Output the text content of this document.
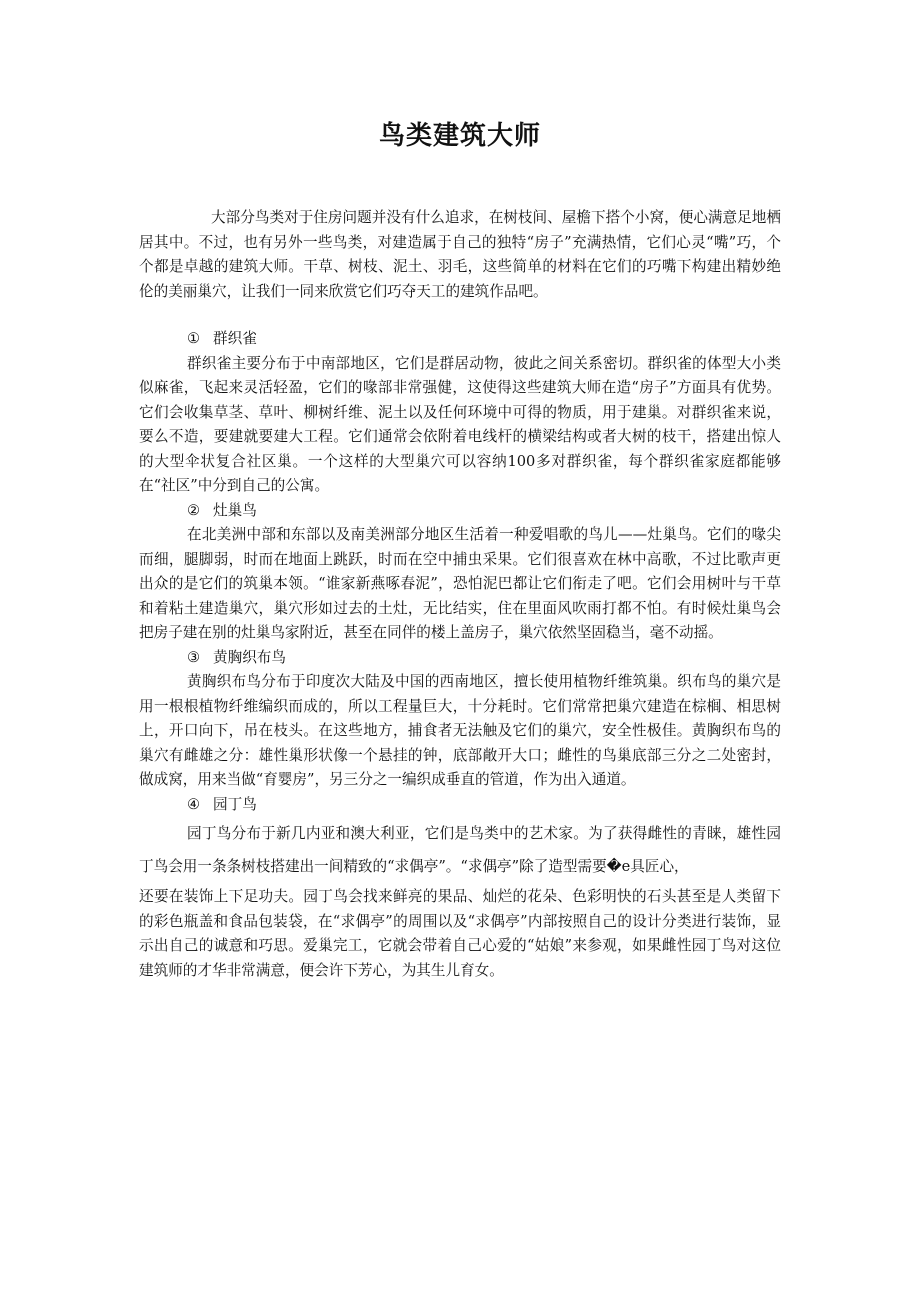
鸟类建筑大师

大部分鸟类对于住房问题并没有什么追求，在树枝间、屋檐下搭个小窝，便心满意足地栖居其中。不过，也有另外一些鸟类，对建造属于自己的独特“房子”充满热情，它们心灵“嘴”巧，个个都是卓越的建筑大师。干草、树枝、泥土、羽毛，这些简单的材料在它们的巧嘴下构建出精妙绝伦的美丽巢穴，让我们一同来欣赏它们巧夺天工的建筑作品吧。

① 群织雀

群织雀主要分布于中南部地区，它们是群居动物，彼此之间关系密切。群织雀的体型大小类似麻雀，飞起来灵活轻盈，它们的喙部非常强健，这使得这些建筑大师在造“房子”方面具有优势。它们会收集草茎、草叶、柳树纤维、泥土以及任何环境中可得的物质，用于建巢。对群织雀来说，要么不造，要建就要建大工程。它们通常会依附着电线杆的横梁结构或者大树的枝干，搭建出惊人的大型伞状复合社区巢。一个这样的大型巢穴可以容纳100多对群织雀，每个群织雀家庭都能够在“社区”中分到自己的公寓。

② 灶巢鸟

在北美洲中部和东部以及南美洲部分地区生活着一种爱唱歌的鸟儿——灶巢鸟。它们的喙尖而细，腿脚弱，时而在地面上跳跃，时而在空中捕虫采果。它们很喜欢在林中高歌，不过比歌声更出众的是它们的筑巢本领。“谁家新燕啄春泥”，恐怕泥巴都让它们衔走了吧。它们会用树叶与干草和着粘土建造巢穴，巢穴形如过去的土灶，无比结实，住在里面风吹雨打都不怕。有时候灶巢鸟会把房子建在别的灶巢鸟家附近，甚至在同伴的楼上盖房子，巢穴依然坚固稳当，毫不动摇。

③ 黄胸织布鸟

黄胸织布鸟分布于印度次大陆及中国的西南地区，擅长使用植物纤维筑巢。织布鸟的巢穴是用一根根植物纤维编织而成的，所以工程量巨大，十分耗时。它们常常把巢穴建造在棕榈、相思树上，开口向下，吊在枝头。在这些地方，捕食者无法触及它们的巢穴，安全性极佳。黄胸织布鸟的巢穴有雌雄之分：雄性巢形状像一个悬挂的钟，底部敞开大口；雌性的鸟巢底部三分之二处密封，做成窝，用来当做“育婴房”，另三分之一编织成垂直的管道，作为出入通道。

④ 园丁鸟

园丁鸟分布于新几内亚和澳大利亚，它们是鸟类中的艺术家。为了获得雌性的青睐，雄性园丁鸟会用一条条树枝搭建出一间精致的“求偶亭”。“求偶亭”除了造型需要�e具匠心，

还要在装饰上下足功夫。园丁鸟会找来鲜亮的果品、灿烂的花朵、色彩明快的石头甚至是人类留下的彩色瓶盖和食品包装袋，在“求偶亭”的周围以及“求偶亭”内部按照自己的设计分类进行装饰，显示出自己的诚意和巧思。爱巢完工，它就会带着自己心爱的“姑娘”来参观，如果雌性园丁鸟对这位建筑师的才华非常满意，便会许下芳心，为其生儿育女。
